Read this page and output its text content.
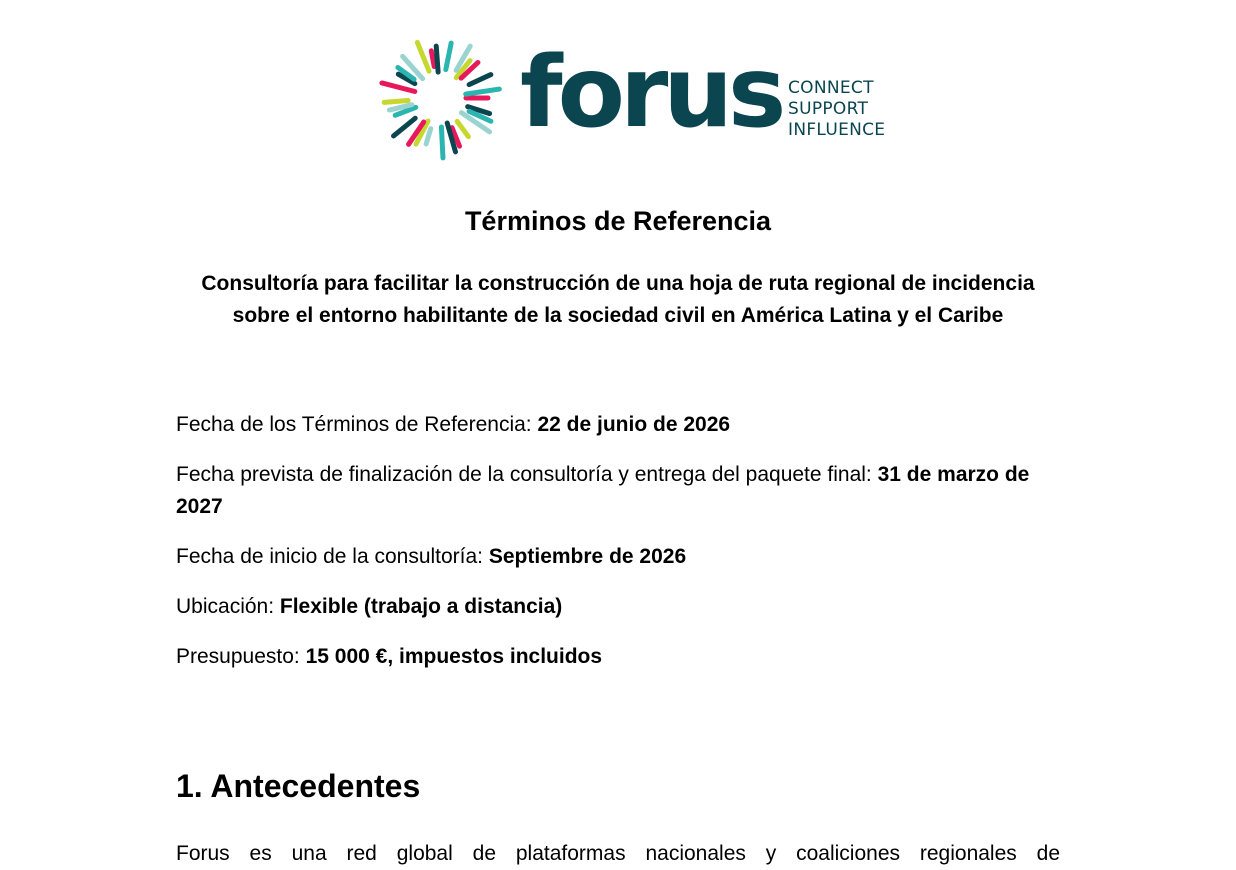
forus CONNECT
SUPPORT
INFLUENCE
Términos de Referencia
Consultoría para facilitar la construcción de una hoja de ruta regional de incidencia
sobre el entorno habilitante de la sociedad civil en América Latina y el Caribe
Fecha de los Términos de Referencia: 22 de junio de 2026
Fecha prevista de finalización de la consultoría y entrega del paquete final: 31 de marzo de 2027
Fecha de inicio de la consultoría: Septiembre de 2026
Ubicación: Flexible (trabajo a distancia)
Presupuesto: 15 000 €, impuestos incluidos
1. Antecedentes
Forus es una red global de plataformas nacionales y coaliciones regionales de
